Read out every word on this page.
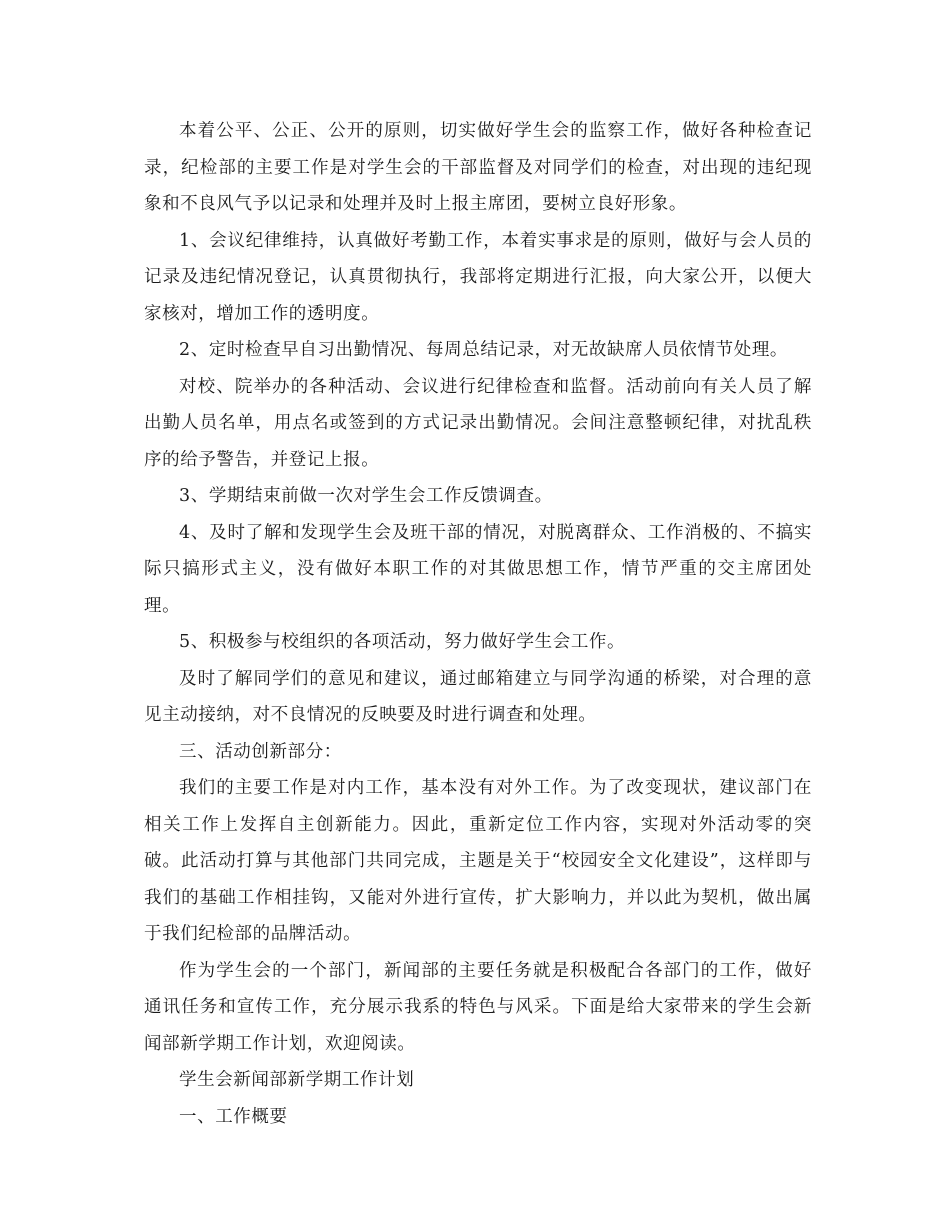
本着公平、公正、公开的原则，切实做好学生会的监察工作，做好各种检查记录，纪检部的主要工作是对学生会的干部监督及对同学们的检查，对出现的违纪现象和不良风气予以记录和处理并及时上报主席团，要树立良好形象。

1、会议纪律维持，认真做好考勤工作，本着实事求是的原则，做好与会人员的记录及违纪情况登记，认真贯彻执行，我部将定期进行汇报，向大家公开，以便大家核对，增加工作的透明度。

2、定时检查早自习出勤情况、每周总结记录，对无故缺席人员依情节处理。

对校、院举办的各种活动、会议进行纪律检查和监督。活动前向有关人员了解出勤人员名单，用点名或签到的方式记录出勤情况。会间注意整顿纪律，对扰乱秩序的给予警告，并登记上报。

3、学期结束前做一次对学生会工作反馈调查。

4、及时了解和发现学生会及班干部的情况，对脱离群众、工作消极的、不搞实际只搞形式主义，没有做好本职工作的对其做思想工作，情节严重的交主席团处理。

5、积极参与校组织的各项活动，努力做好学生会工作。

及时了解同学们的意见和建议，通过邮箱建立与同学沟通的桥梁，对合理的意见主动接纳，对不良情况的反映要及时进行调查和处理。

三、活动创新部分：

我们的主要工作是对内工作，基本没有对外工作。为了改变现状，建议部门在相关工作上发挥自主创新能力。因此，重新定位工作内容，实现对外活动零的突破。此活动打算与其他部门共同完成，主题是关于“校园安全文化建设”，这样即与我们的基础工作相挂钩，又能对外进行宣传，扩大影响力，并以此为契机，做出属于我们纪检部的品牌活动。

作为学生会的一个部门，新闻部的主要任务就是积极配合各部门的工作，做好通讯任务和宣传工作，充分展示我系的特色与风采。下面是给大家带来的学生会新闻部新学期工作计划，欢迎阅读。

学生会新闻部新学期工作计划

一、工作概要
